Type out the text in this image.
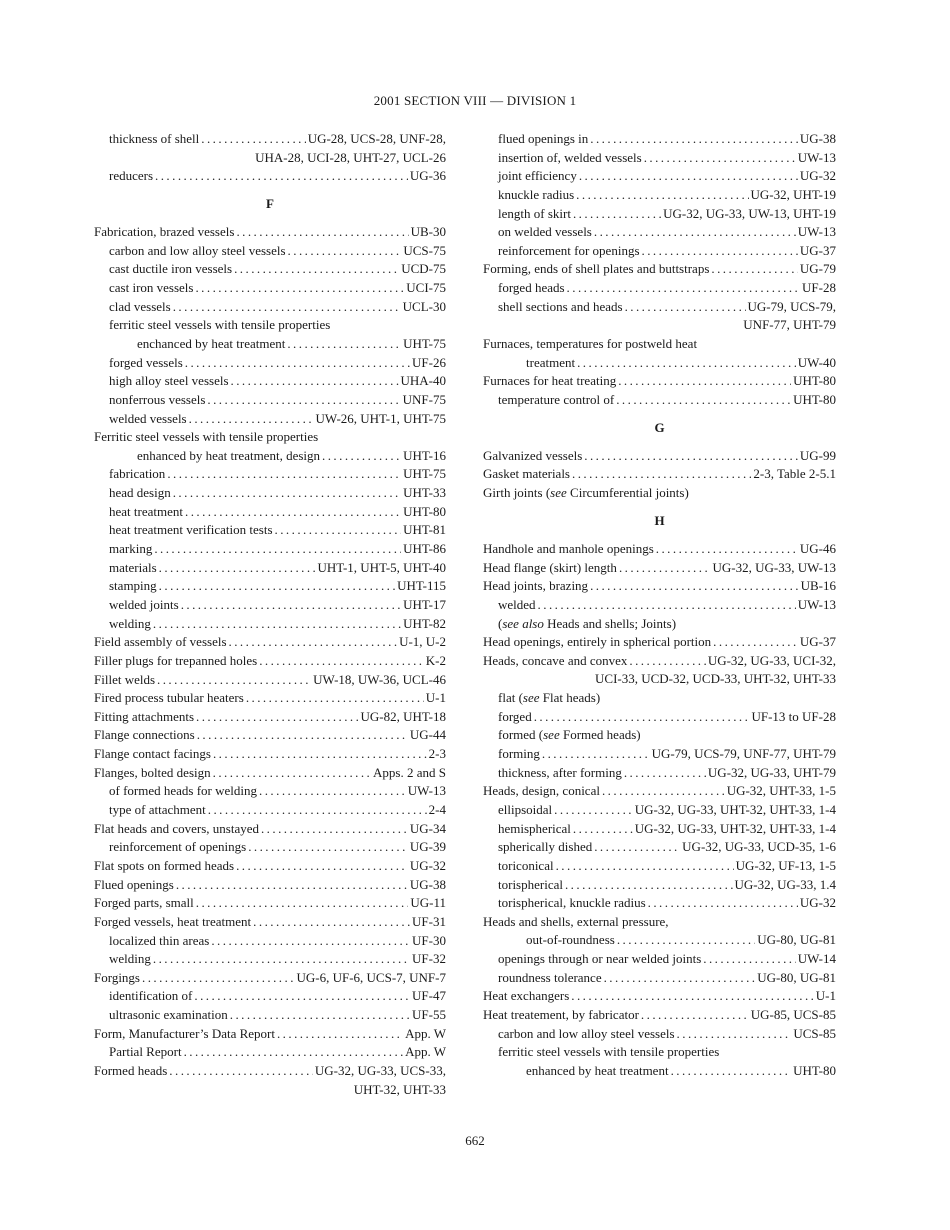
2001 SECTION VIII — DIVISION 1
thickness of shell . . .	UG-28, UCS-28, UNF-28,
UHA-28, UCI-28, UHT-27, UCL-26
reducers . . .	UG-36
F
Fabrication, brazed vessels . . .	UB-30
carbon and low alloy steel vessels . . .	UCS-75
cast ductile iron vessels . . .	UCD-75
cast iron vessels . . .	UCI-75
clad vessels . . .	UCL-30
ferritic steel vessels with tensile properties
enchanced by heat treatment . . .	UHT-75
forged vessels . . .	UF-26
high alloy steel vessels . . .	UHA-40
nonferrous vessels . . .	UNF-75
welded vessels . . .	UW-26, UHT-1, UHT-75
Ferritic steel vessels with tensile properties
enhanced by heat treatment, design . . .	UHT-16
fabrication . . .	UHT-75
head design . . .	UHT-33
heat treatment . . .	UHT-80
heat treatment verification tests . . .	UHT-81
marking . . .	UHT-86
materials . . .	UHT-1, UHT-5, UHT-40
stamping . . .	UHT-115
welded joints . . .	UHT-17
welding . . .	UHT-82
Field assembly of vessels . . .	U-1, U-2
Filler plugs for trepanned holes . . .	K-2
Fillet welds . . .	UW-18, UW-36, UCL-46
Fired process tubular heaters . . .	U-1
Fitting attachments . . .	UG-82, UHT-18
Flange connections . . .	UG-44
Flange contact facings . . .	2-3
Flanges, bolted design . . .	Apps. 2 and S
of formed heads for welding . . .	UW-13
type of attachment . . .	2-4
Flat heads and covers, unstayed . . .	UG-34
reinforcement of openings . . .	UG-39
Flat spots on formed heads . . .	UG-32
Flued openings . . .	UG-38
Forged parts, small . . .	UG-11
Forged vessels, heat treatment . . .	UF-31
localized thin areas . . .	UF-30
welding . . .	UF-32
Forgings . . .	UG-6, UF-6, UCS-7, UNF-7
identification of . . .	UF-47
ultrasonic examination . . .	UF-55
Form, Manufacturer’s Data Report . . .	App. W
Partial Report . . .	App. W
Formed heads . . .	UG-32, UG-33, UCS-33,
UHT-32, UHT-33
flued openings in . . .	UG-38
insertion of, welded vessels . . .	UW-13
joint efficiency . . .	UG-32
knuckle radius . . .	UG-32, UHT-19
length of skirt . . .	UG-32, UG-33, UW-13, UHT-19
on welded vessels . . .	UW-13
reinforcement for openings . . .	UG-37
Forming, ends of shell plates and buttstraps . . .	UG-79
forged heads . . .	UF-28
shell sections and heads . . .	UG-79, UCS-79,
UNF-77, UHT-79
Furnaces, temperatures for postweld heat
treatment . . .	UW-40
Furnaces for heat treating . . .	UHT-80
temperature control of . . .	UHT-80
G
Galvanized vessels . . .	UG-99
Gasket materials . . .	2-3, Table 2-5.1
Girth joints (see Circumferential joints)
H
Handhole and manhole openings . . .	UG-46
Head flange (skirt) length . . .	UG-32, UG-33, UW-13
Head joints, brazing . . .	UB-16
welded . . .	UW-13
(see also Heads and shells; Joints)
Head openings, entirely in spherical portion . . .	UG-37
Heads, concave and convex . . .	UG-32, UG-33, UCI-32,
UCI-33, UCD-32, UCD-33, UHT-32, UHT-33
flat (see Flat heads)
forged . . .	UF-13 to UF-28
formed (see Formed heads)
forming . . .	UG-79, UCS-79, UNF-77, UHT-79
thickness, after forming . . .	UG-32, UG-33, UHT-79
Heads, design, conical . . .	UG-32, UHT-33, 1-5
ellipsoidal . . .	UG-32, UG-33, UHT-32, UHT-33, 1-4
hemispherical . . .	UG-32, UG-33, UHT-32, UHT-33, 1-4
spherically dished . . .	UG-32, UG-33, UCD-35, 1-6
toriconical . . .	UG-32, UF-13, 1-5
torispherical . . .	UG-32, UG-33, 1.4
torispherical, knuckle radius . . .	UG-32
Heads and shells, external pressure,
out-of-roundness . . .	UG-80, UG-81
openings through or near welded joints . . .	UW-14
roundness tolerance . . .	UG-80, UG-81
Heat exchangers . . .	U-1
Heat treatement, by fabricator . . .	UG-85, UCS-85
carbon and low alloy steel vessels . . .	UCS-85
ferritic steel vessels with tensile properties
enhanced by heat treatment . . .	UHT-80
662
